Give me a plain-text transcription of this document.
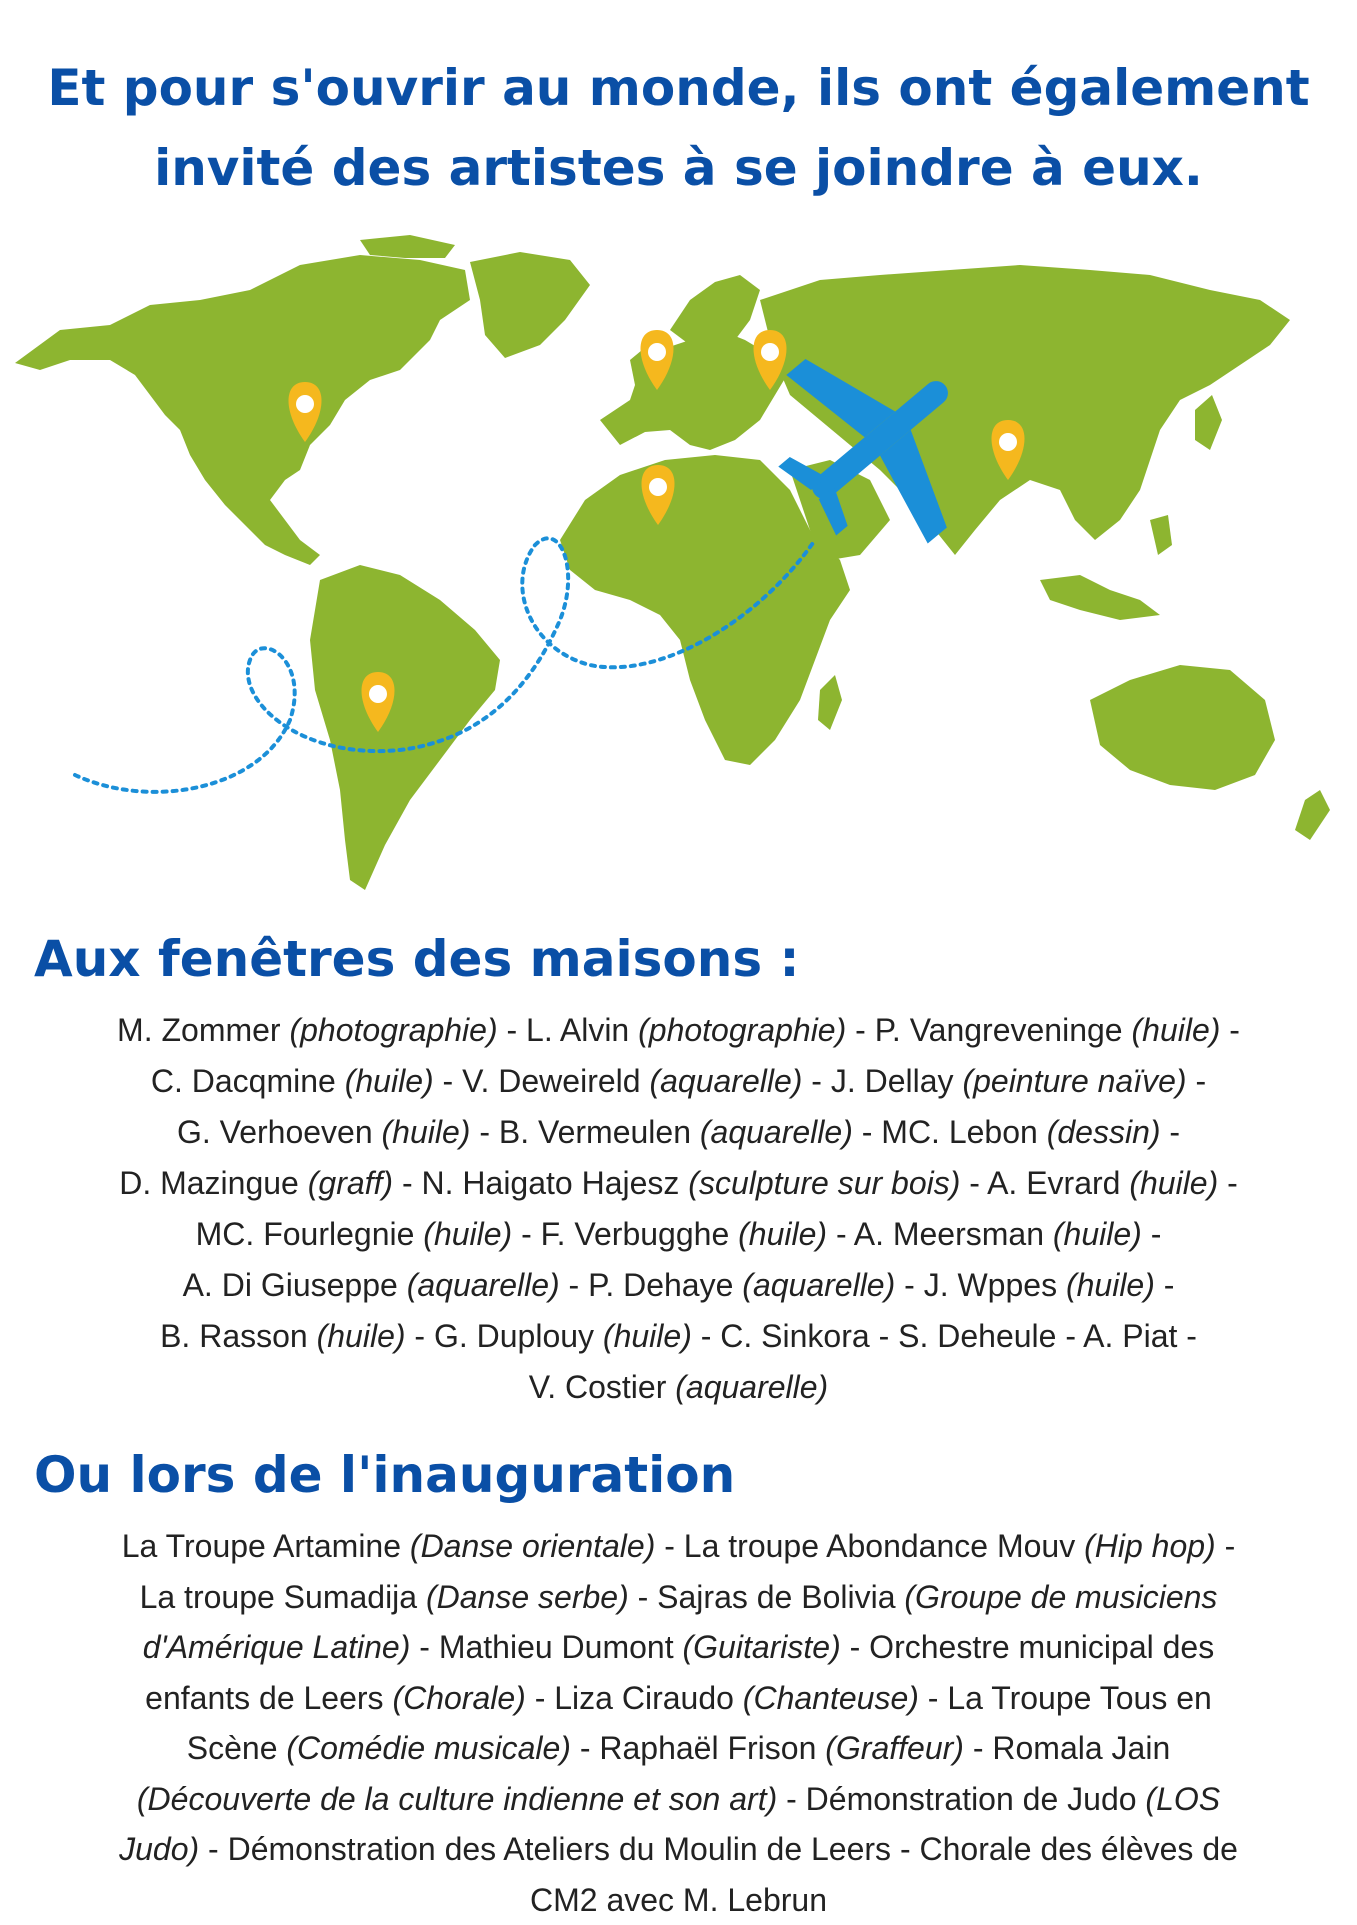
Et pour s'ouvrir au monde, ils ont également
invité des artistes à se joindre à eux.
Aux fenêtres des maisons :
M. Zommer (photographie) - L. Alvin (photographie) - P. Vangreveninge (huile) -
C. Dacqmine (huile) - V. Deweireld (aquarelle) - J. Dellay (peinture naïve) -
G. Verhoeven (huile) - B. Vermeulen (aquarelle) - MC. Lebon (dessin) -
D. Mazingue (graff) - N. Haigato Hajesz (sculpture sur bois) - A. Evrard (huile) -
MC. Fourlegnie (huile) - F. Verbugghe (huile) - A. Meersman (huile) -
A. Di Giuseppe (aquarelle) - P. Dehaye (aquarelle) - J. Wppes (huile) -
B. Rasson (huile) - G. Duplouy (huile) - C. Sinkora - S. Deheule - A. Piat -
V. Costier (aquarelle)
Ou lors de l'inauguration
La Troupe Artamine (Danse orientale) - La troupe Abondance Mouv (Hip hop) -
La troupe Sumadija (Danse serbe) - Sajras de Bolivia (Groupe de musiciens
d'Amérique Latine) - Mathieu Dumont (Guitariste) - Orchestre municipal des
enfants de Leers (Chorale) - Liza Ciraudo (Chanteuse) - La Troupe Tous en
Scène (Comédie musicale) - Raphaël Frison (Graffeur) - Romala Jain
(Découverte de la culture indienne et son art) - Démonstration de Judo (LOS
Judo) - Démonstration des Ateliers du Moulin de Leers - Chorale des élèves de
CM2 avec M. Lebrun
